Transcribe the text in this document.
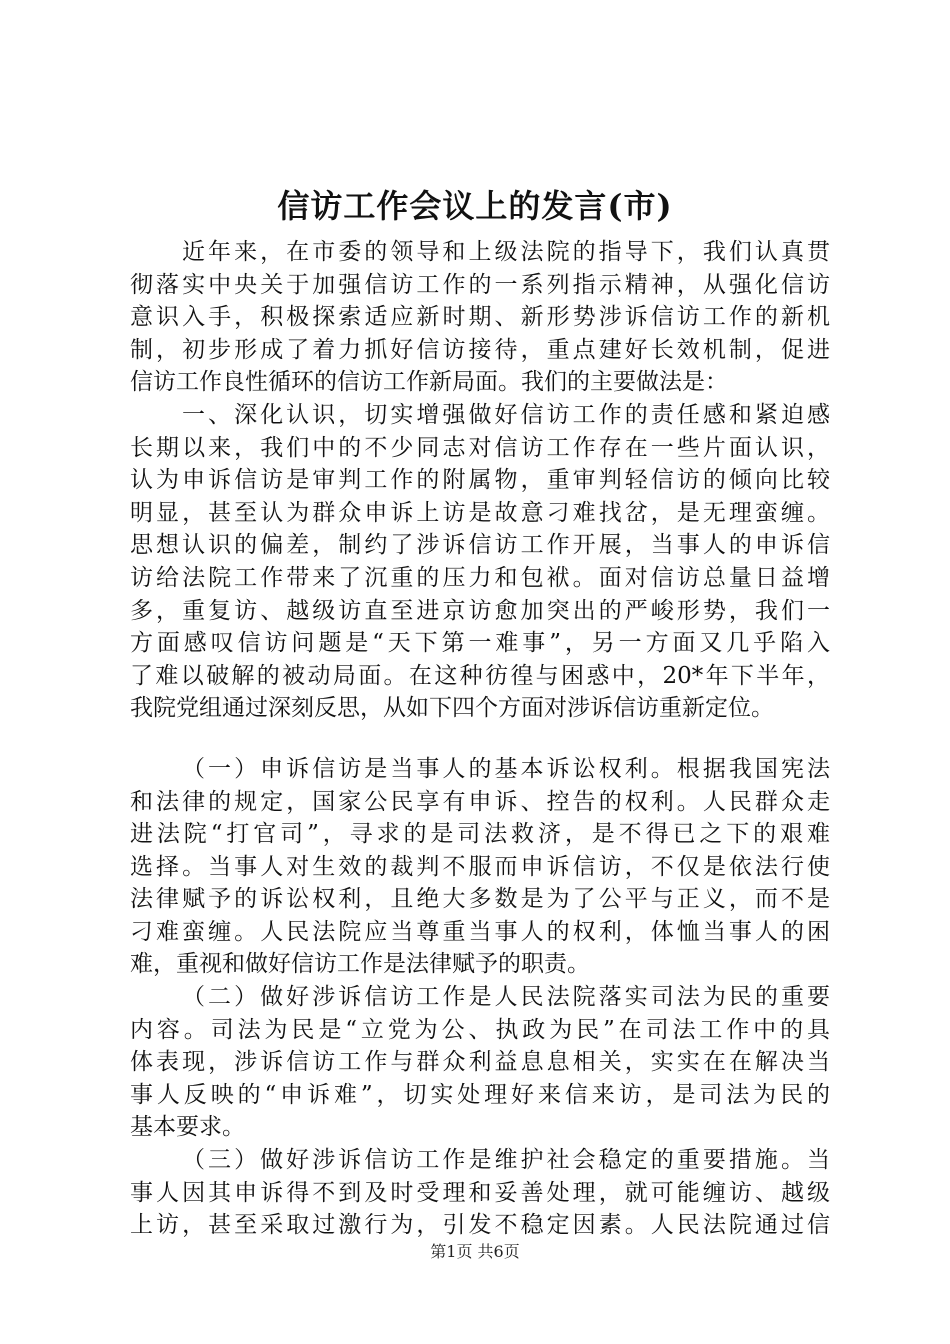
信访工作会议上的发言(市)
近年来，在市委的领导和上级法院的指导下，我们认真贯
彻落实中央关于加强信访工作的一系列指示精神，从强化信访
意识入手，积极探索适应新时期、新形势涉诉信访工作的新机
制，初步形成了着力抓好信访接待，重点建好长效机制，促进
信访工作良性循环的信访工作新局面。我们的主要做法是：
一、深化认识，切实增强做好信访工作的责任感和紧迫感
长期以来，我们中的不少同志对信访工作存在一些片面认识，
认为申诉信访是审判工作的附属物，重审判轻信访的倾向比较
明显，甚至认为群众申诉上访是故意刁难找岔，是无理蛮缠。
思想认识的偏差，制约了涉诉信访工作开展，当事人的申诉信
访给法院工作带来了沉重的压力和包袱。面对信访总量日益增
多，重复访、越级访直至进京访愈加突出的严峻形势，我们一
方面感叹信访问题是“天下第一难事”，另一方面又几乎陷入
了难以破解的被动局面。在这种彷徨与困惑中，20*年下半年，
我院党组通过深刻反思，从如下四个方面对涉诉信访重新定位。
（一）申诉信访是当事人的基本诉讼权利。根据我国宪法
和法律的规定，国家公民享有申诉、控告的权利。人民群众走
进法院“打官司”，寻求的是司法救济，是不得已之下的艰难
选择。当事人对生效的裁判不服而申诉信访，不仅是依法行使
法律赋予的诉讼权利，且绝大多数是为了公平与正义，而不是
刁难蛮缠。人民法院应当尊重当事人的权利，体恤当事人的困
难，重视和做好信访工作是法律赋予的职责。
（二）做好涉诉信访工作是人民法院落实司法为民的重要
内容。司法为民是“立党为公、执政为民”在司法工作中的具
体表现，涉诉信访工作与群众利益息息相关，实实在在解决当
事人反映的“申诉难”，切实处理好来信来访，是司法为民的
基本要求。
（三）做好涉诉信访工作是维护社会稳定的重要措施。当
事人因其申诉得不到及时受理和妥善处理，就可能缠访、越级
上访，甚至采取过激行为，引发不稳定因素。人民法院通过信
第1页 共6页
